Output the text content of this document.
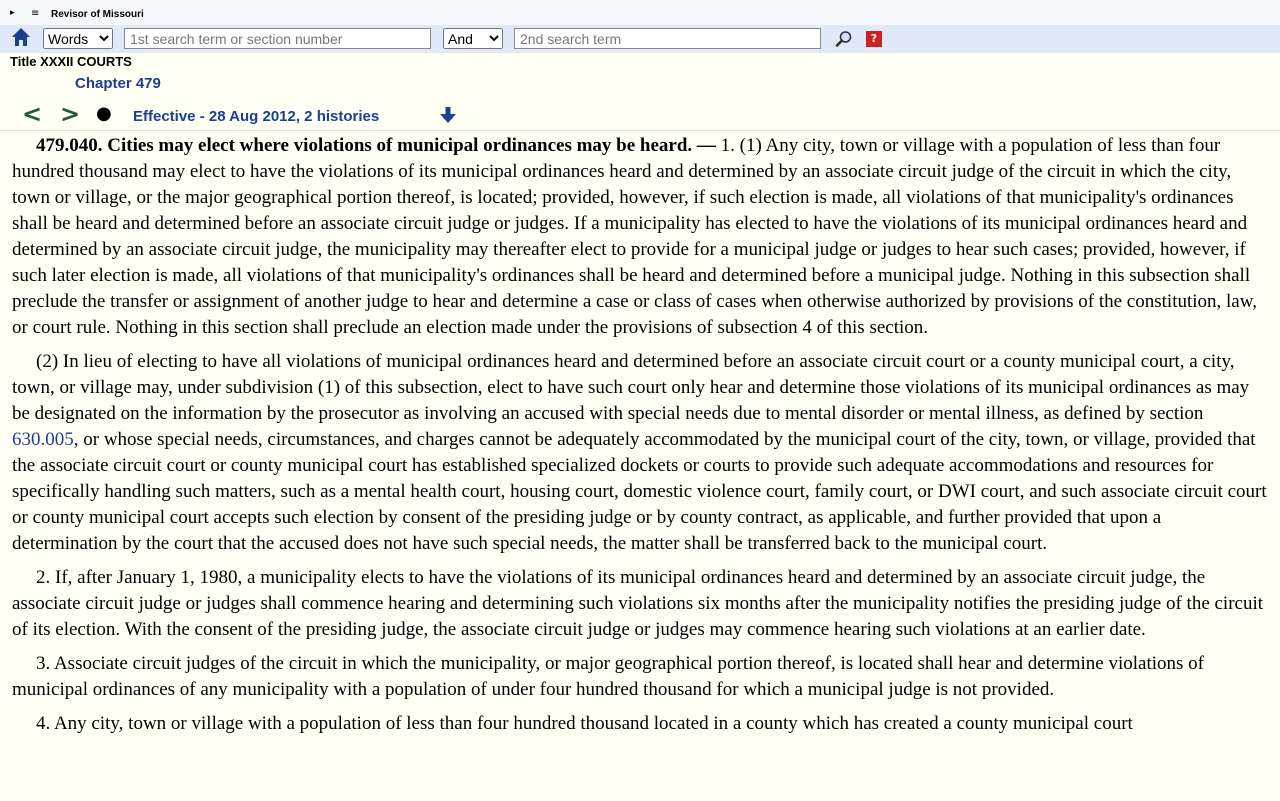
▸ ≡ Revisor of Missouri
Words
1st search term or section number
And
2nd search term
?
Title XXXII COURTS
Chapter 479
< > ● Effective - 28 Aug 2012, 2 histories

479.040. Cities may elect where violations of municipal ordinances may be heard. — 1. (1) Any city, town or village with a population of less than four hundred thousand may elect to have the violations of its municipal ordinances heard and determined by an associate circuit judge of the circuit in which the city, town or village, or the major geographical portion thereof, is located; provided, however, if such election is made, all violations of that municipality's ordinances shall be heard and determined before an associate circuit judge or judges. If a municipality has elected to have the violations of its municipal ordinances heard and determined by an associate circuit judge, the municipality may thereafter elect to provide for a municipal judge or judges to hear such cases; provided, however, if such later election is made, all violations of that municipality's ordinances shall be heard and determined before a municipal judge. Nothing in this subsection shall preclude the transfer or assignment of another judge to hear and determine a case or class of cases when otherwise authorized by provisions of the constitution, law, or court rule. Nothing in this section shall preclude an election made under the provisions of subsection 4 of this section.

(2) In lieu of electing to have all violations of municipal ordinances heard and determined before an associate circuit court or a county municipal court, a city, town, or village may, under subdivision (1) of this subsection, elect to have such court only hear and determine those violations of its municipal ordinances as may be designated on the information by the prosecutor as involving an accused with special needs due to mental disorder or mental illness, as defined by section 630.005, or whose special needs, circumstances, and charges cannot be adequately accommodated by the municipal court of the city, town, or village, provided that the associate circuit court or county municipal court has established specialized dockets or courts to provide such adequate accommodations and resources for specifically handling such matters, such as a mental health court, housing court, domestic violence court, family court, or DWI court, and such associate circuit court or county municipal court accepts such election by consent of the presiding judge or by county contract, as applicable, and further provided that upon a determination by the court that the accused does not have such special needs, the matter shall be transferred back to the municipal court.

2. If, after January 1, 1980, a municipality elects to have the violations of its municipal ordinances heard and determined by an associate circuit judge, the associate circuit judge or judges shall commence hearing and determining such violations six months after the municipality notifies the presiding judge of the circuit of its election. With the consent of the presiding judge, the associate circuit judge or judges may commence hearing such violations at an earlier date.

3. Associate circuit judges of the circuit in which the municipality, or major geographical portion thereof, is located shall hear and determine violations of municipal ordinances of any municipality with a population of under four hundred thousand for which a municipal judge is not provided.

4. Any city, town or village with a population of less than four hundred thousand located in a county which has created a county municipal court
